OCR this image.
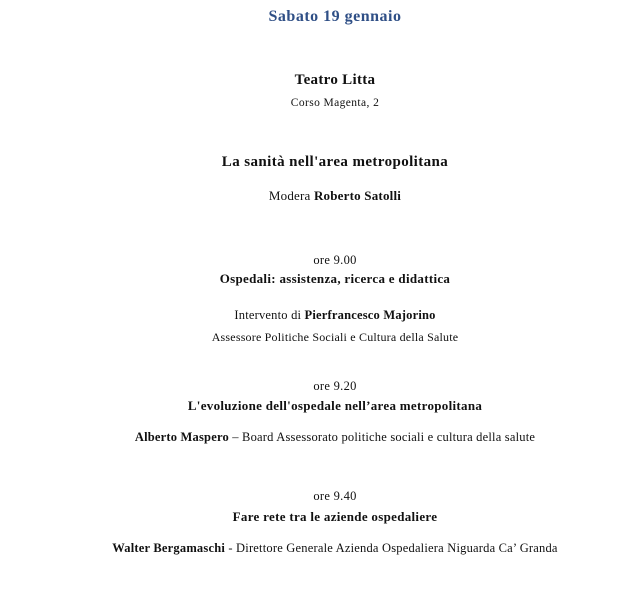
Sabato 19 gennaio
Teatro Litta
Corso Magenta, 2
La sanità nell'area metropolitana
Modera Roberto Satolli
ore 9.00
Ospedali: assistenza, ricerca e didattica
Intervento di Pierfrancesco Majorino
Assessore Politiche Sociali e Cultura della Salute
ore 9.20
L'evoluzione dell'ospedale nell’area metropolitana
Alberto Maspero – Board Assessorato politiche sociali e cultura della salute
ore 9.40
Fare rete tra le aziende ospedaliere
Walter Bergamaschi - Direttore Generale Azienda Ospedaliera Niguarda Ca’ Granda
